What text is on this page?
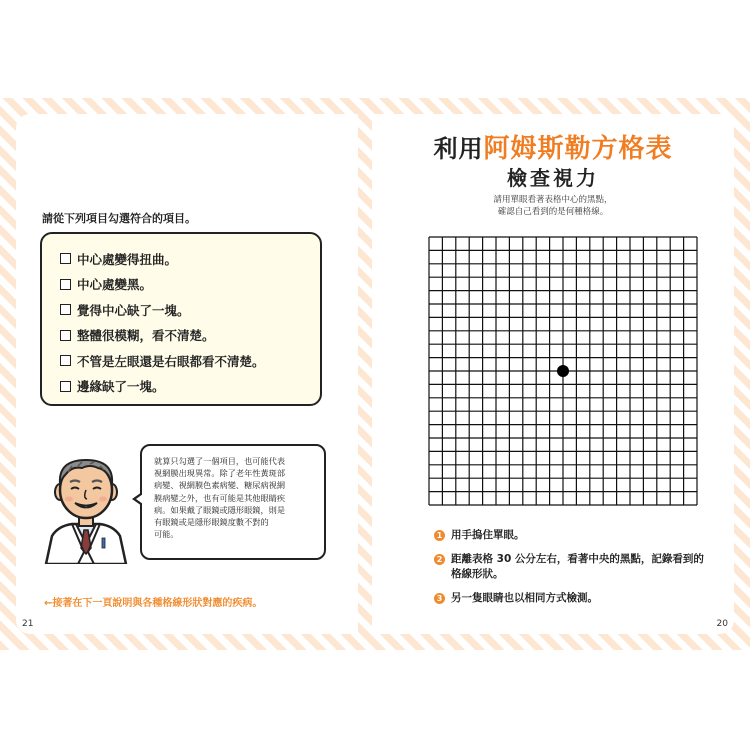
請從下列項目勾選符合的項目。
中心處變得扭曲。
中心處變黑。
覺得中心缺了一塊。
整體很模糊，看不清楚。
不管是左眼還是右眼都看不清楚。
邊緣缺了一塊。
就算只勾選了一個項目，也可能代表
視網膜出現異常。除了老年性黃斑部
病變、視網膜色素病變、糖尿病視網
膜病變之外，也有可能是其他眼睛疾
病。如果戴了眼鏡或隱形眼鏡，則是
有眼鏡或是隱形眼鏡度數不對的
可能。
←接著在下一頁說明與各種格線形狀對應的疾病。
21
利用阿姆斯勒方格表
檢查視力
請用單眼看著表格中心的黑點，
確認自己看到的是何種格線。
1 用手摀住單眼。
2 距離表格 30 公分左右，看著中央的黑點，記錄看到的格線形狀。
3 另一隻眼睛也以相同方式檢測。
20
